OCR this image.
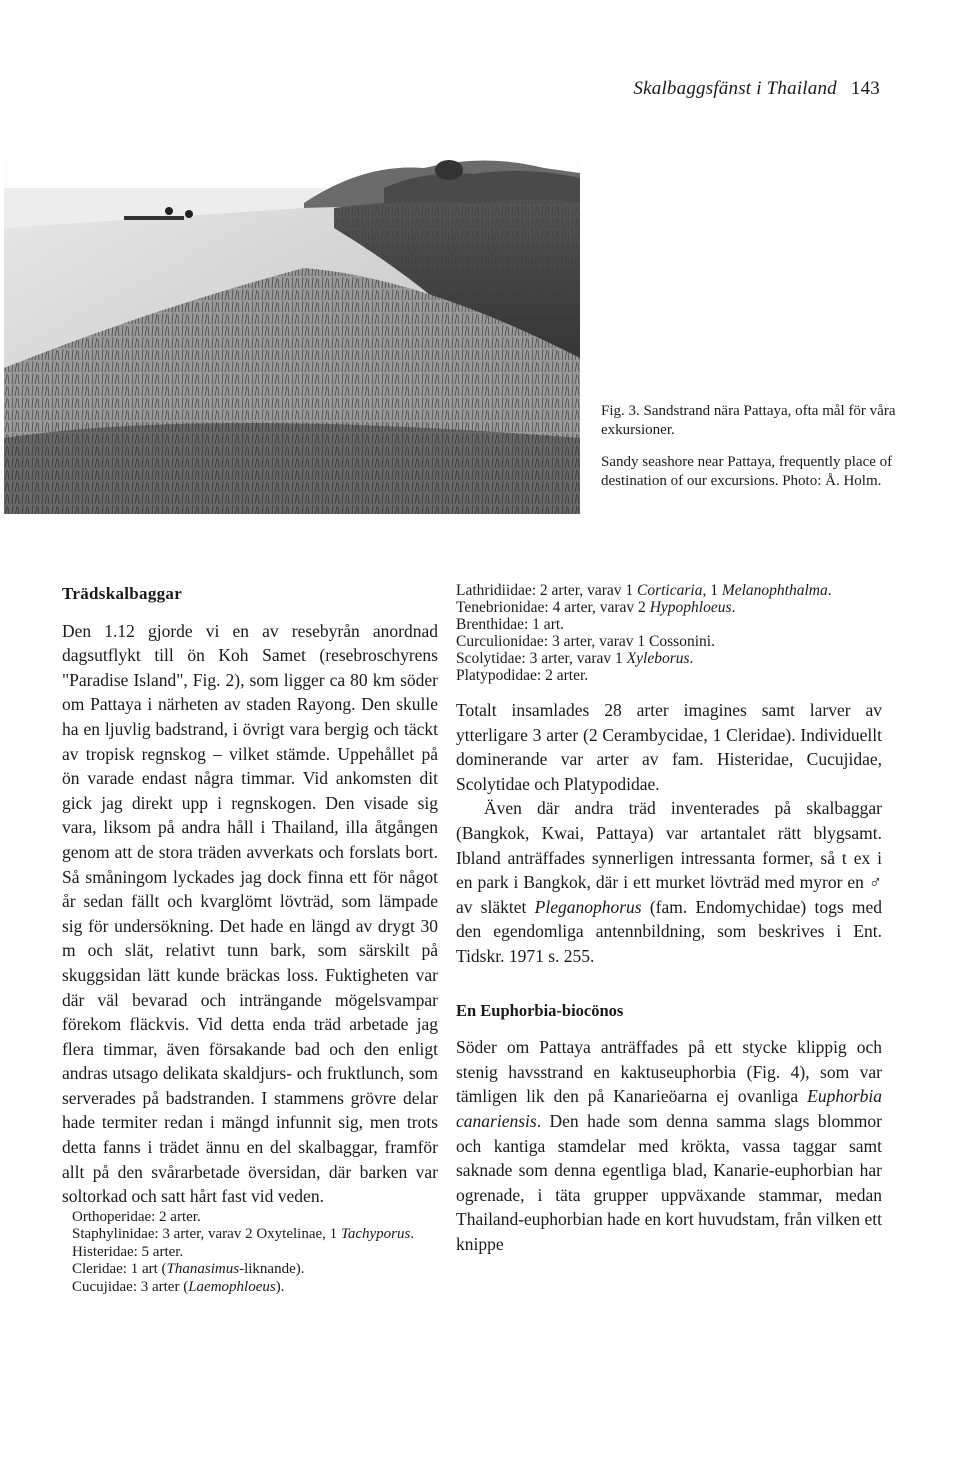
Skalbaggsfänst i Thailand 143

Fig. 3. Sandstrand nära Pattaya, ofta mål för våra exkursioner.

Sandy seashore near Pattaya, frequently place of destination of our excursions. Photo: Å. Holm.

Trädskalbaggar

Den 1.12 gjorde vi en av resebyrån anordnad dagsutflykt till ön Koh Samet (resebroschyrens "Paradise Island", Fig. 2), som ligger ca 80 km söder om Pattaya i närheten av staden Rayong. Den skulle ha en ljuvlig badstrand, i övrigt vara bergig och täckt av tropisk regnskog – vilket stämde. Uppehållet på ön varade endast några timmar. Vid ankomsten dit gick jag direkt upp i regnskogen. Den visade sig vara, liksom på andra håll i Thailand, illa åtgången genom att de stora träden avverkats och forslats bort. Så småningom lyckades jag dock finna ett för något år sedan fällt och kvarglömt lövträd, som lämpade sig för undersökning. Det hade en längd av drygt 30 m och slät, relativt tunn bark, som särskilt på skuggsidan lätt kunde bräckas loss. Fuktigheten var där väl bevarad och inträngande mögelsvampar förekom fläckvis. Vid detta enda träd arbetade jag flera timmar, även försakande bad och den enligt andras utsago delikata skaldjurs- och fruktlunch, som serverades på badstranden. I stammens grövre delar hade termiter redan i mängd infunnit sig, men trots detta fanns i trädet ännu en del skalbaggar, framför allt på den svårarbetade översidan, där barken var soltorkad och satt hårt fast vid veden.

Orthoperidae: 2 arter.
Staphylinidae: 3 arter, varav 2 Oxytelinae, 1 Tachyporus.
Histeridae: 5 arter.
Cleridae: 1 art (Thanasimus-liknande).
Cucujidae: 3 arter (Laemophloeus).
Lathridiidae: 2 arter, varav 1 Corticaria, 1 Melanophthalma.
Tenebrionidae: 4 arter, varav 2 Hypophloeus.
Brenthidae: 1 art.
Curculionidae: 3 arter, varav 1 Cossonini.
Scolytidae: 3 arter, varav 1 Xyleborus.
Platypodidae: 2 arter.

Totalt insamlades 28 arter imagines samt larver av ytterligare 3 arter (2 Cerambycidae, 1 Cleridae). Individuellt dominerande var arter av fam. Histeridae, Cucujidae, Scolytidae och Platypodidae.

Även där andra träd inventerades på skalbaggar (Bangkok, Kwai, Pattaya) var artantalet rätt blygsamt. Ibland anträffades synnerligen intressanta former, så t ex i en park i Bangkok, där i ett murket lövträd med myror en ♂ av släktet Pleganophorus (fam. Endomychidae) togs med den egendomliga antennbildning, som beskrives i Ent. Tidskr. 1971 s. 255.

En Euphorbia-biocönos

Söder om Pattaya anträffades på ett stycke klippig och stenig havsstrand en kaktuseuphorbia (Fig. 4), som var tämligen lik den på Kanarieöarna ej ovanliga Euphorbia canariensis. Den hade som denna samma slags blommor och kantiga stamdelar med krökta, vassa taggar samt saknade som denna egentliga blad, Kanarie-euphorbian har ogrenade, i täta grupper uppväxande stammar, medan Thailand-euphorbian hade en kort huvudstam, från vilken ett knippe
